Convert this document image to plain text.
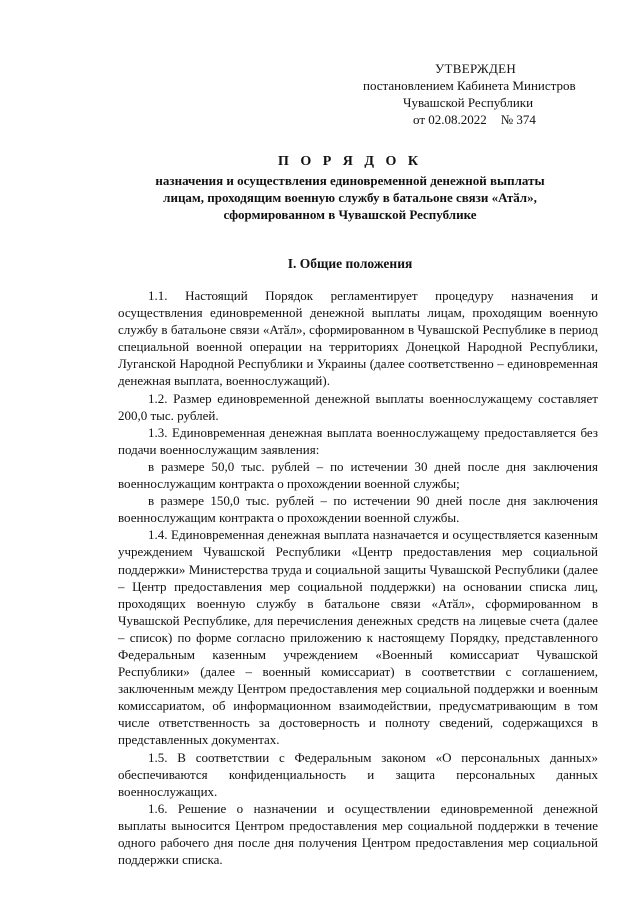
УТВЕРЖДЕН
постановлением Кабинета Министров
Чувашской Республики
от 02.08.2022 № 374
П О Р Я Д О К
назначения и осуществления единовременной денежной выплаты
лицам, проходящим военную службу в батальоне связи «Атӑл»,
сформированном в Чувашской Республике
I. Общие положения

1.1. Настоящий Порядок регламентирует процедуру назначения и осуществления единовременной денежной выплаты лицам, проходящим военную службу в батальоне связи «Атӑл», сформированном в Чувашской Республике в период специальной военной операции на территориях Донецкой Народной Республики, Луганской Народной Республики и Украины (далее соответственно – единовременная денежная выплата, военнослужащий).

1.2. Размер единовременной денежной выплаты военнослужащему составляет 200,0 тыс. рублей.

1.3. Единовременная денежная выплата военнослужащему предоставляется без подачи военнослужащим заявления:

в размере 50,0 тыс. рублей – по истечении 30 дней после дня заключения военнослужащим контракта о прохождении военной службы;

в размере 150,0 тыс. рублей – по истечении 90 дней после дня заключения военнослужащим контракта о прохождении военной службы.

1.4. Единовременная денежная выплата назначается и осуществляется казенным учреждением Чувашской Республики «Центр предоставления мер социальной поддержки» Министерства труда и социальной защиты Чувашской Республики (далее – Центр предоставления мер социальной поддержки) на основании списка лиц, проходящих военную службу в батальоне связи «Атӑл», сформированном в Чувашской Республике, для перечисления денежных средств на лицевые счета (далее – список) по форме согласно приложению к настоящему Порядку, представленного Федеральным казенным учреждением «Военный комиссариат Чувашской Республики» (далее – военный комиссариат) в соответствии с соглашением, заключенным между Центром предоставления мер социальной поддержки и военным комиссариатом, об информационном взаимодействии, предусматривающим в том числе ответственность за достоверность и полноту сведений, содержащихся в представленных документах.

1.5. В соответствии с Федеральным законом «О персональных данных» обеспечиваются конфиденциальность и защита персональных данных военнослужащих.

1.6. Решение о назначении и осуществлении единовременной денежной выплаты выносится Центром предоставления мер социальной поддержки в течение одного рабочего дня после дня получения Центром предоставления мер социальной поддержки списка.
